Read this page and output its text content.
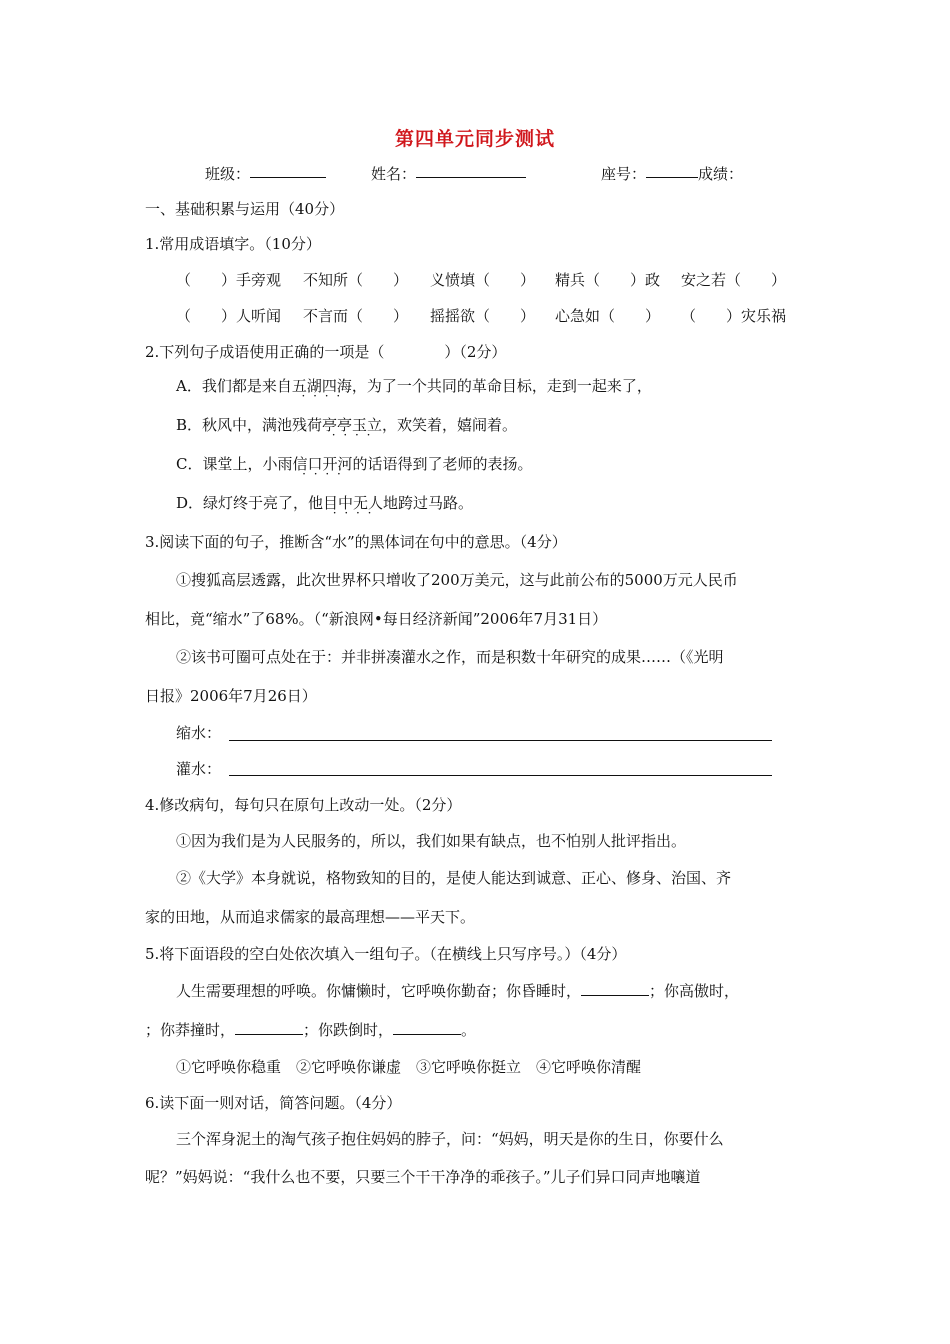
第四单元同步测试
班级：	姓名：	座号：	成绩：
一、基础积累与运用（40分）
1.常用成语填字。（10分）
（　　）手旁观 不知所（　　） 义愤填（　　） 精兵（　　）政 安之若（　　）
（　　）人听闻 不言而（　　） 摇摇欲（　　） 心急如（　　） （　　）灾乐祸
2.下列句子成语使用正确的一项是（　　　　）（2分）
A．我们都是来自五湖四海 · · · ·，为了一个共同的革命目标，走到一起来了，
B．秋风中，满池残荷亭亭玉立 · · · ·，欢笑着，嬉闹着。
C．课堂上，小雨信口开河 · · · ·的话语得到了老师的表扬。
D．绿灯终于亮了，他目中无人 · · · ·地跨过马路。
3.阅读下面的句子，推断含“水”的黑体词在句中的意思。（4分）
①搜狐高层透露，此次世界杯只增收了200万美元，这与此前公布的5000万元人民币
相比，竟“缩水”了68%。（“新浪网•每日经济新闻”2006年7月31日）
②该书可圈可点处在于：并非拼凑灌水之作，而是积数十年研究的成果……（《光明
日报》2006年7月26日）
缩水：
灌水：
4.修改病句，每句只在原句上改动一处。（2分）
①因为我们是为人民服务的，所以，我们如果有缺点，也不怕别人批评指出。
②《大学》本身就说，格物致知的目的，是使人能达到诚意、正心、修身、治国、齐
家的田地，从而追求儒家的最高理想——平天下。
5.将下面语段的空白处依次填入一组句子。（在横线上只写序号。）（4分）
人生需要理想的呼唤。你慵懒时，它呼唤你勤奋；你昏睡时，	；你高傲时，
；你莽撞时，	；你跌倒时，	。
①它呼唤你稳重　②它呼唤你谦虚　③它呼唤你挺立　④它呼唤你清醒
6.读下面一则对话，简答问题。（4分）
三个浑身泥土的淘气孩子抱住妈妈的脖子，问：“妈妈，明天是你的生日，你要什么
呢？”妈妈说：“我什么也不要，只要三个干干净净的乖孩子。”儿子们异口同声地嚷道
